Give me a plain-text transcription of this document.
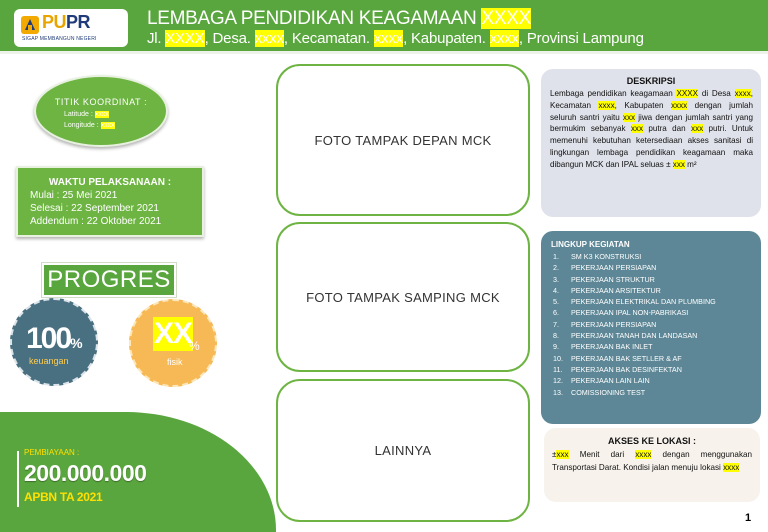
PUPR
SIGAP MEMBANGUN NEGERI
LEMBAGA PENDIDIKAN KEAGAMAAN XXXX
Jl. XXXX, Desa. xxxx, Kecamatan. xxxx, Kabupaten. xxxx, Provinsi Lampung
TITIK KOORDINAT :
Latitude : xxxx
Longitude : xxxx
WAKTU PELAKSANAAN :
Mulai : 25 Mei 2021
Selesai : 22 September 2021
Addendum : 22 Oktober 2021
PROGRES
100%
keuangan
XX
%
fisik
PEMBIAYAAN :
200.000.000
APBN TA 2021
FOTO TAMPAK DEPAN MCK
FOTO TAMPAK SAMPING MCK
LAINNYA
DESKRIPSI
Lembaga pendidikan keagamaan XXXX di Desa xxxx, Kecamatan xxxx, Kabupaten xxxx dengan jumlah seluruh santri yaitu xxx jiwa dengan jumlah santri yang bermukim sebanyak xxx putra dan xxx putri. Untuk memenuhi kebutuhan ketersediaan akses sanitasi di lingkungan lembaga pendidikan keagamaan maka dibangun MCK dan IPAL seluas ± xxx m²
LINGKUP KEGIATAN
1. SM K3 KONSTRUKSI
2. PEKERJAAN PERSIAPAN
3. PEKERJAAN STRUKTUR
4. PEKERJAAN ARSITEKTUR
5. PEKERJAAN ELEKTRIKAL DAN PLUMBING
6. PEKERJAAN IPAL NON-PABRIKASI
7. PEKERJAAN PERSIAPAN
8. PEKERJAAN TANAH DAN LANDASAN
9. PEKERJAAN BAK INLET
10. PEKERJAAN BAK SETLLER & AF
11. PEKERJAAN BAK DESINFEKTAN
12. PEKERJAAN LAIN LAIN
13. COMISSIONING TEST
AKSES KE LOKASI :
±xxx Menit dari xxxx dengan menggunakan Transportasi Darat. Kondisi jalan menuju lokasi xxxx
1
